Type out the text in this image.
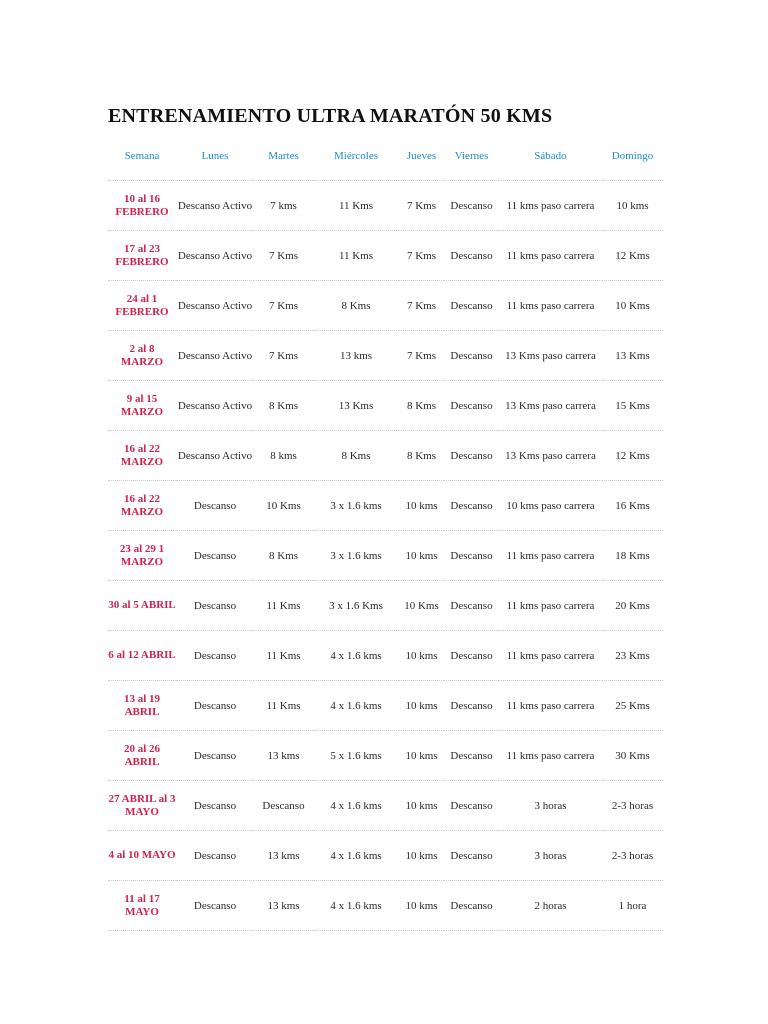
ENTRENAMIENTO ULTRA MARATÓN 50 KMS
Semana	Lunes	Martes	Miércoles	Jueves	Viernes	Sábado	Domingo
10 al 16 FEBRERO	Descanso Activo	7 kms	11 Kms	7 Kms	Descanso	11 kms paso carrera	10 kms
17 al 23 FEBRERO	Descanso Activo	7 Kms	11 Kms	7 Kms	Descanso	11 kms paso carrera	12 Kms
24 al 1 FEBRERO	Descanso Activo	7 Kms	8 Kms	7 Kms	Descanso	11 kms paso carrera	10 Kms
2 al 8 MARZO	Descanso Activo	7 Kms	13 kms	7 Kms	Descanso	13 Kms paso carrera	13 Kms
9 al 15 MARZO	Descanso Activo	8 Kms	13 Kms	8 Kms	Descanso	13 Kms paso carrera	15 Kms
16 al 22 MARZO	Descanso Activo	8 kms	8 Kms	8 Kms	Descanso	13 Kms paso carrera	12 Kms
16 al 22 MARZO	Descanso	10 Kms	3 x 1.6 kms	10 kms	Descanso	10 kms paso carrera	16 Kms
23 al 29 1 MARZO	Descanso	8 Kms	3 x 1.6 kms	10 kms	Descanso	11 kms paso carrera	18 Kms
30 al 5 ABRIL	Descanso	11 Kms	3 x 1.6 Kms	10 Kms	Descanso	11 kms paso carrera	20 Kms
6 al 12 ABRIL	Descanso	11 Kms	4 x 1.6 kms	10 kms	Descanso	11 kms paso carrera	23 Kms
13 al 19 ABRIL	Descanso	11 Kms	4 x 1.6 kms	10 kms	Descanso	11 kms paso carrera	25 Kms
20 al 26 ABRIL	Descanso	13 kms	5 x 1.6 kms	10 kms	Descanso	11 kms paso carrera	30 Kms
27 ABRIL al 3 MAYO	Descanso	Descanso	4 x 1.6 kms	10 kms	Descanso	3 horas	2-3 horas
4 al 10 MAYO	Descanso	13 kms	4 x 1.6 kms	10 kms	Descanso	3 horas	2-3 horas
11 al 17 MAYO	Descanso	13 kms	4 x 1.6 kms	10 kms	Descanso	2 horas	1 hora
